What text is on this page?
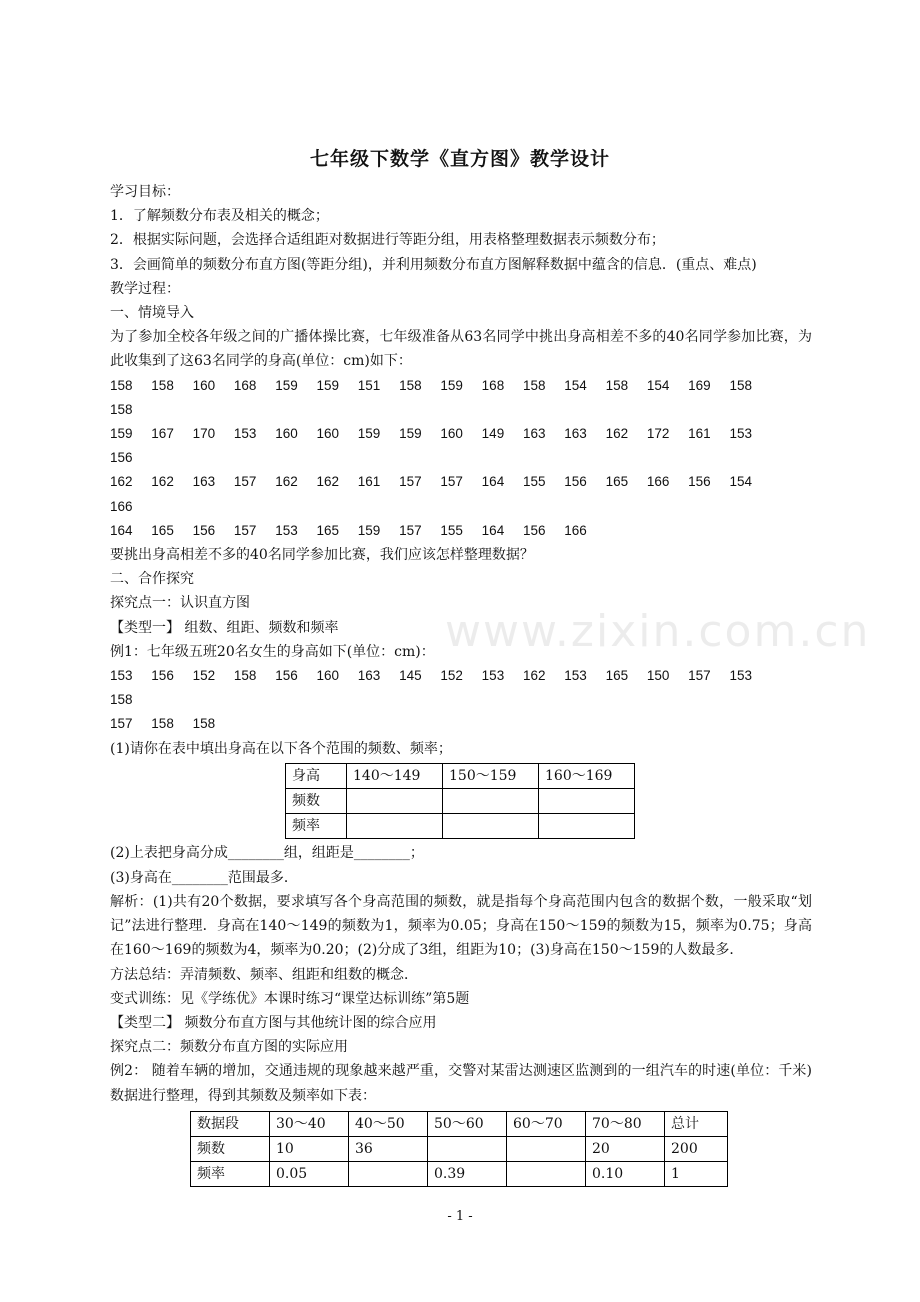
七年级下数学《直方图》教学设计

学习目标：

1．了解频数分布表及相关的概念；

2．根据实际问题，会选择合适组距对数据进行等距分组，用表格整理数据表示频数分布；

3．会画简单的频数分布直方图(等距分组)，并利用频数分布直方图解释数据中蕴含的信息．(重点、难点)

教学过程：

一、情境导入

为了参加全校各年级之间的广播体操比赛，七年级准备从63名同学中挑出身高相差不多的40名同学参加比赛，为此收集到了这63名同学的身高(单位：cm)如下：

158 158 160 168 159 159 151 158 159 168 158 154 158 154 169 158158

159 167 170 153 160 160 159 159 160 149 163 163 162 172 161 153156

162 162 163 157 162 162 161 157 157 164 155 156 165 166 156 154166

164 165 156 157 153 165 159 157 155 164 156 166

要挑出身高相差不多的40名同学参加比赛，我们应该怎样整理数据？

二、合作探究

探究点一：认识直方图

【类型一】 组数、组距、频数和频率

例1：七年级五班20名女生的身高如下(单位：cm)：

153 156 152 158 156 160 163 145 152 153 162 153 165 150 157 153158

157 158 158

(1)请你在表中填出身高在以下各个范围的频数、频率；

身高	140～149	150～159	160～169
频数			
频率			

(2)上表把身高分成________组，组距是________；

(3)身高在________范围最多．

解析：(1)共有20个数据，要求填写各个身高范围的频数，就是指每个身高范围内包含的数据个数，一般采取“划记”法进行整理．身高在140～149的频数为1，频率为0.05；身高在150～159的频数为15，频率为0.75；身高在160～169的频数为4，频率为0.20；(2)分成了3组，组距为10；(3)身高在150～159的人数最多．

方法总结：弄清频数、频率、组距和组数的概念．

变式训练：见《学练优》本课时练习“课堂达标训练”第5题

【类型二】 频数分布直方图与其他统计图的综合应用

探究点二：频数分布直方图的实际应用

例2： 随着车辆的增加，交通违规的现象越来越严重，交警对某雷达测速区监测到的一组汽车的时速(单位：千米)数据进行整理，得到其频数及频率如下表：

数据段	30～40	40～50	50～60	60～70	70～80	总计
频数	10	36			20	200
频率	0.05		0.39		0.10	1
www.zixin.com.cn
- 1 -
